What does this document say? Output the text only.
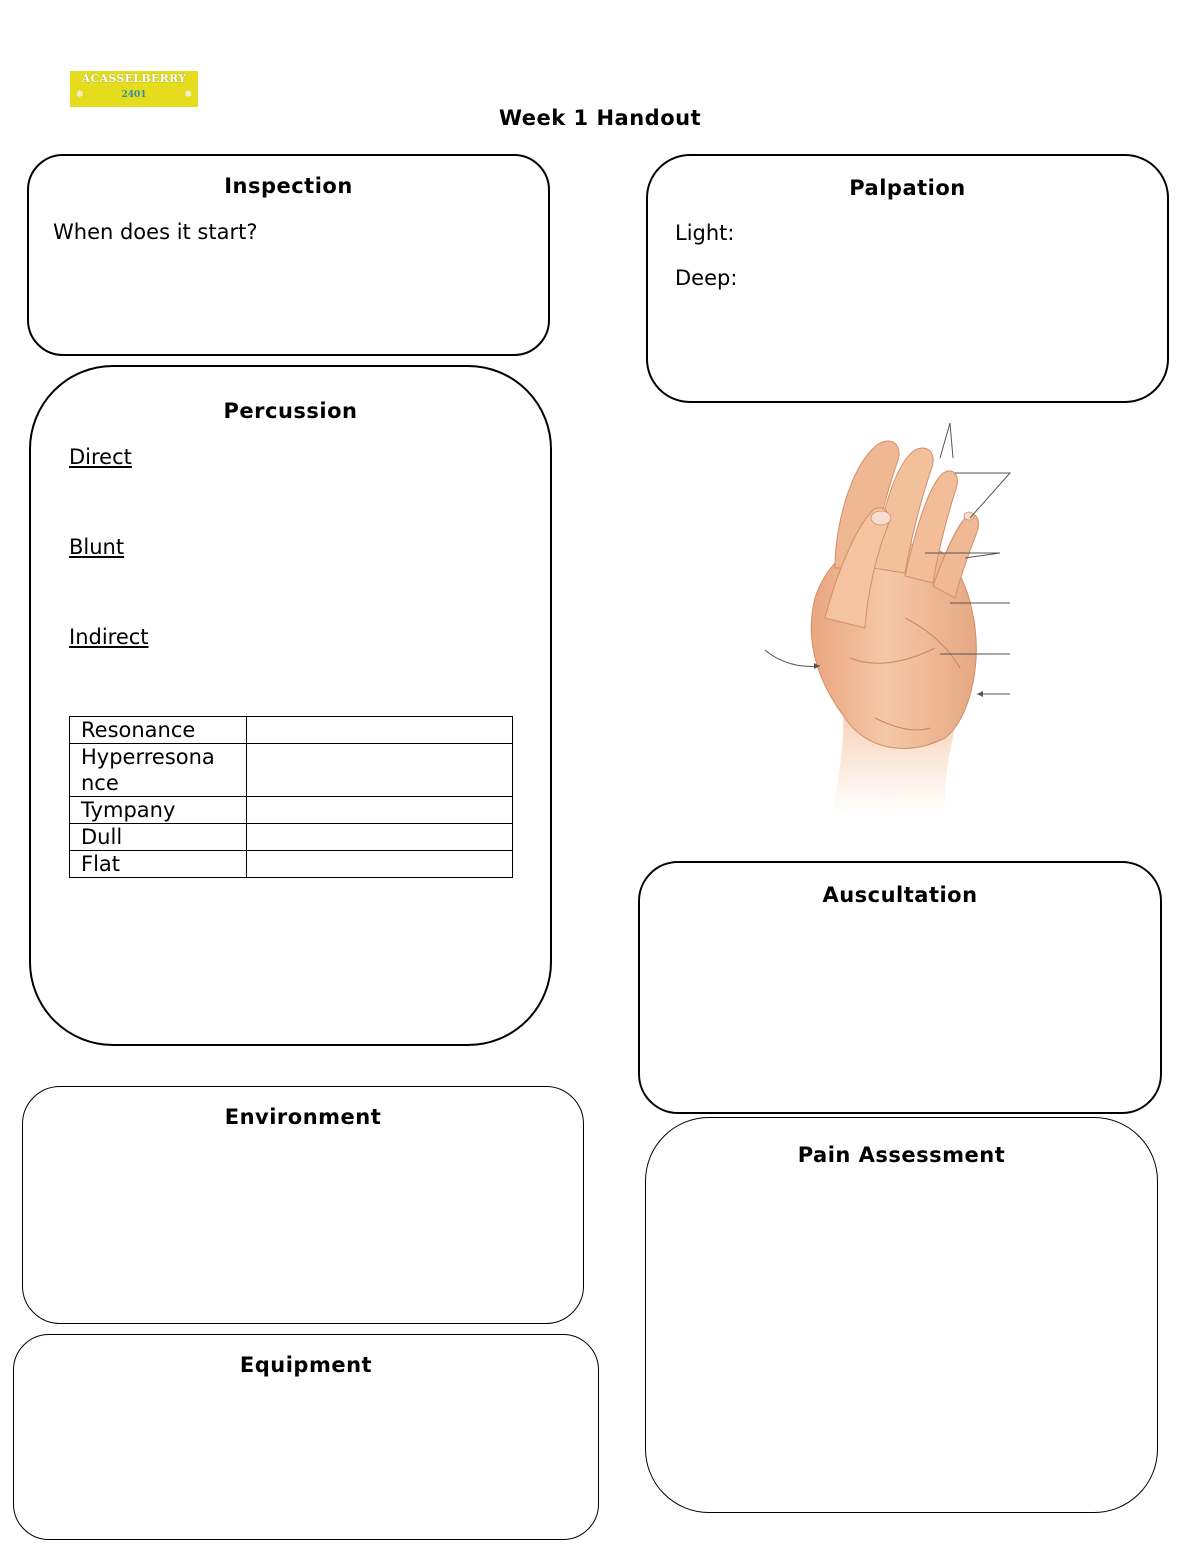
ACASSELBERRY
❄	2401	❄
Week 1 Handout
Inspection
When does it start?
Palpation
Light:
Deep:
Percussion
Direct
Blunt
Indirect
Resonance	
Hyperresona nce	
Tympany	
Dull	
Flat	
Auscultation
Environment
Pain Assessment
Equipment
